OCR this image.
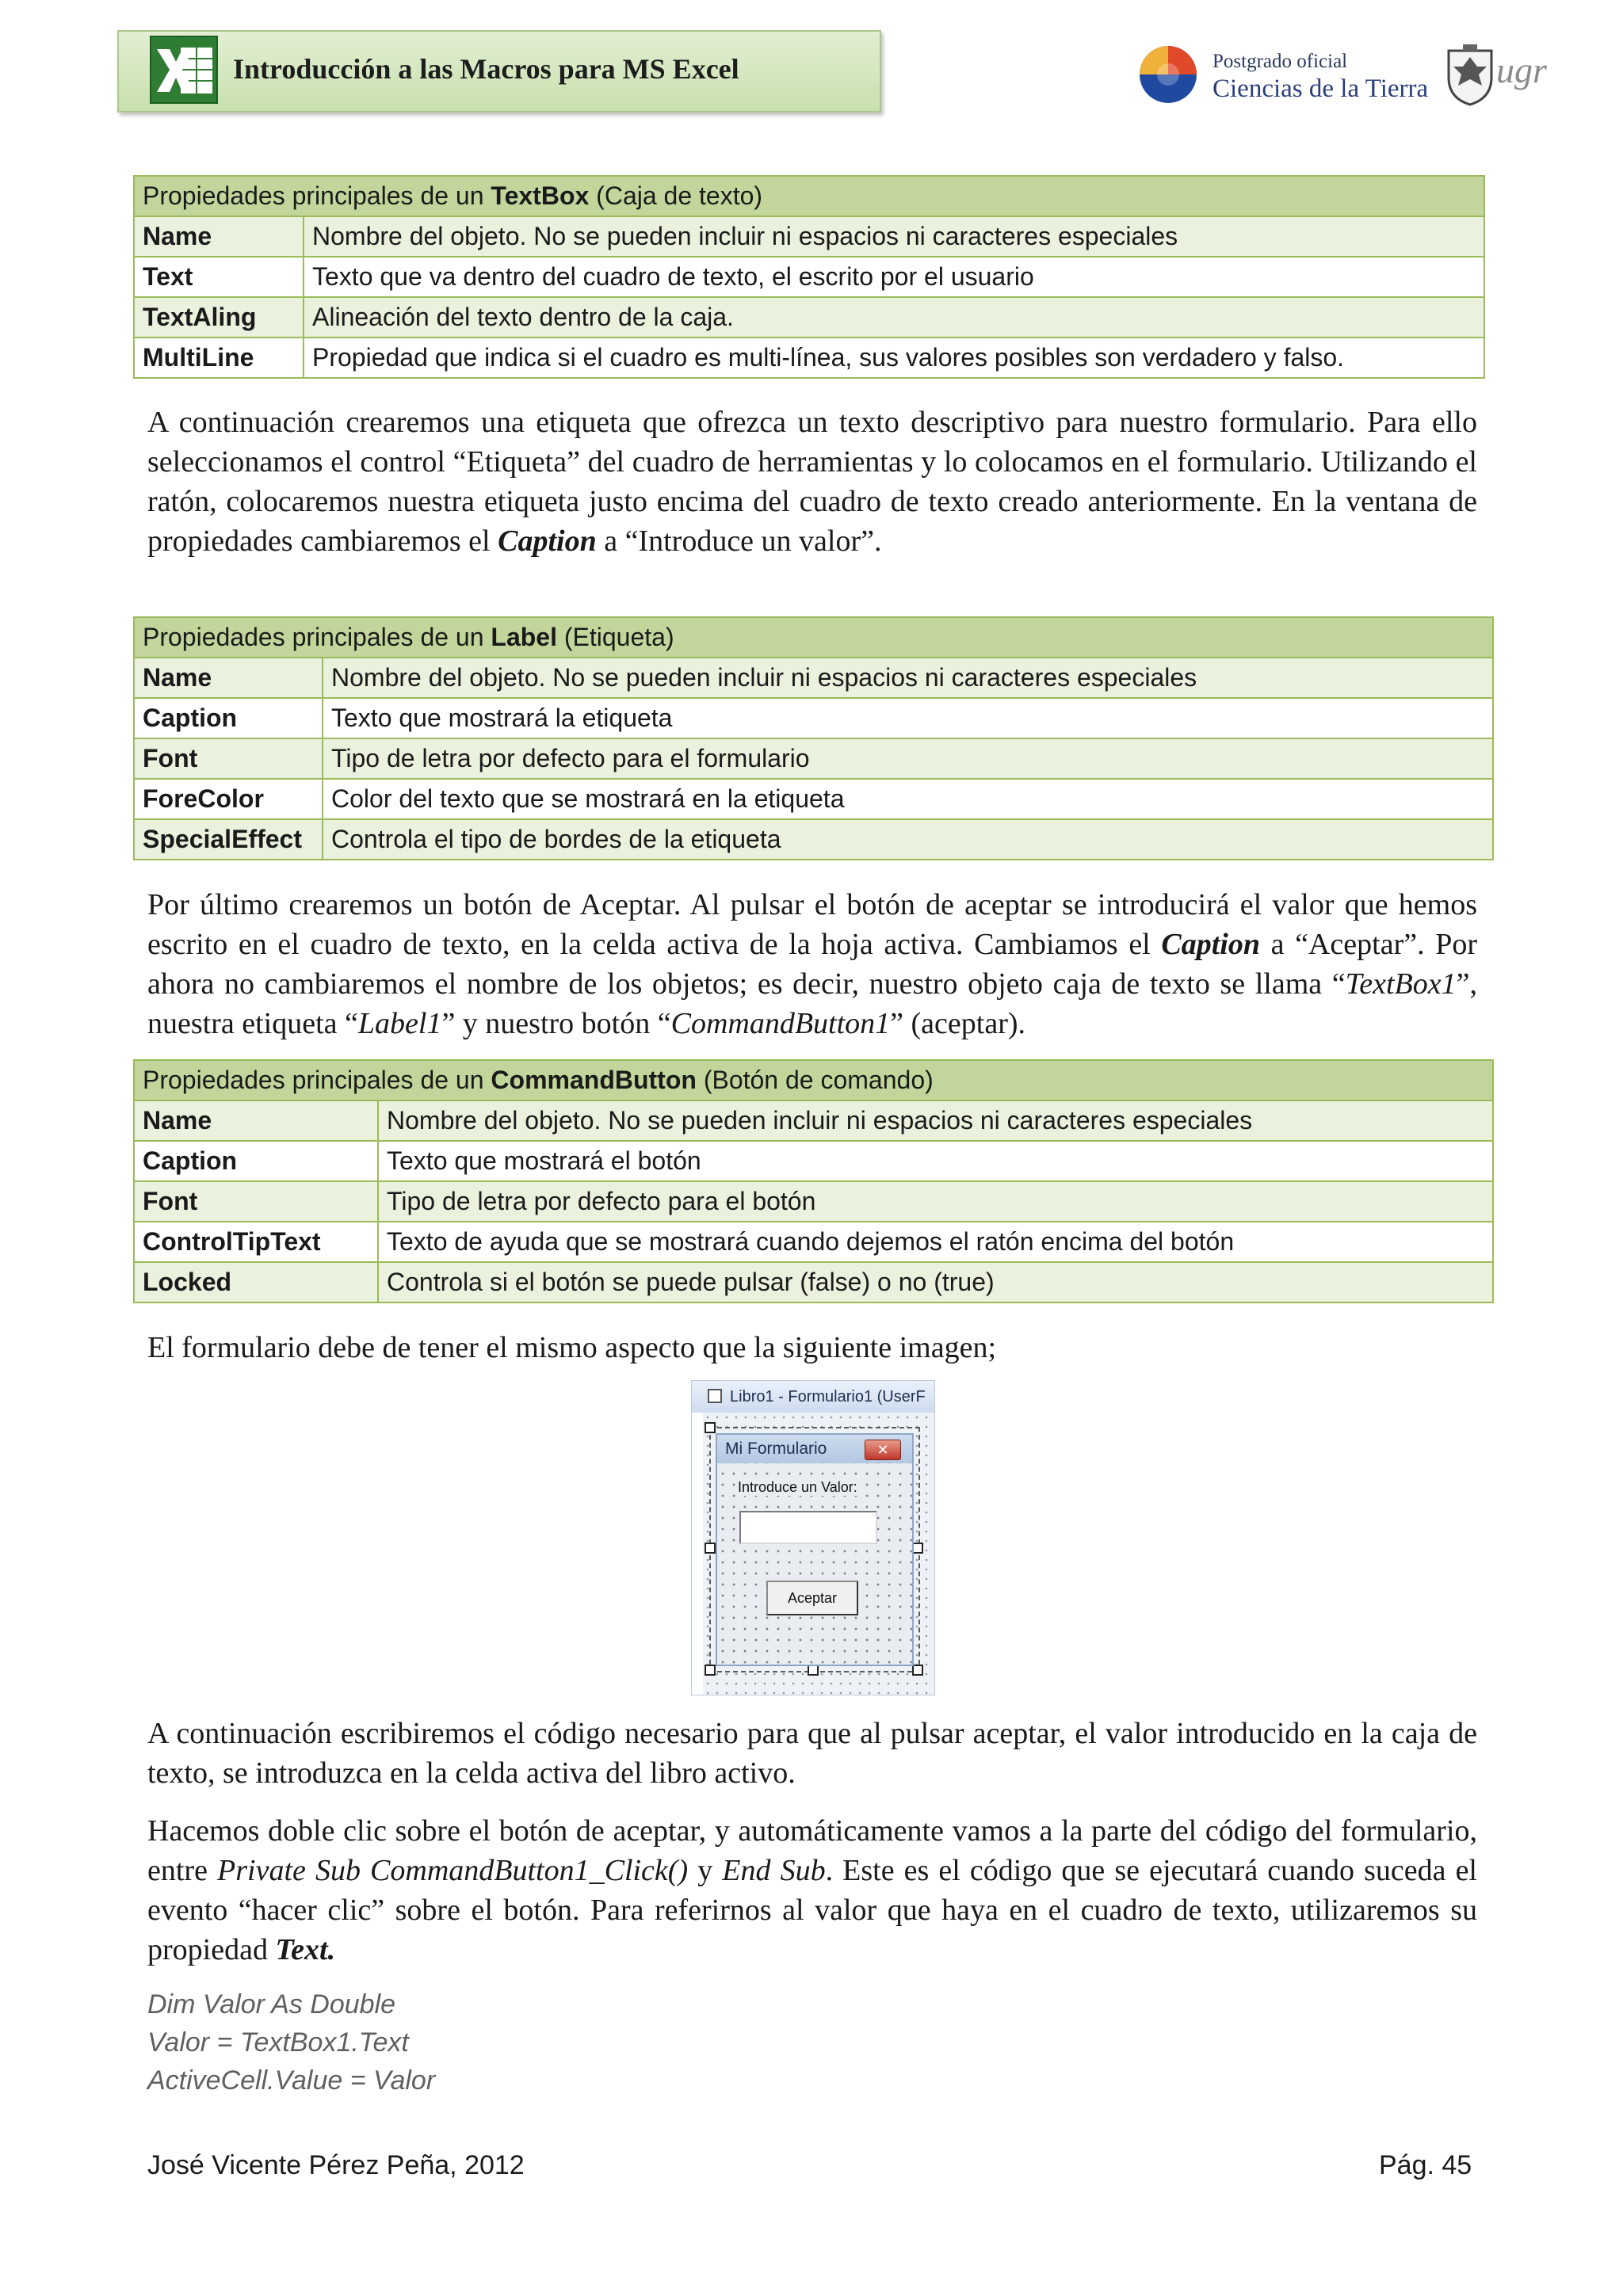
Introducción a las Macros para MS Excel	Postgrado oficial
Ciencias de la Tierra ugr
Propiedades principales de un TextBox (Caja de texto)	
Name	Nombre del objeto. No se pueden incluir ni espacios ni caracteres especiales
Text	Texto que va dentro del cuadro de texto, el escrito por el usuario
TextAling	Alineación del texto dentro de la caja.
MultiLine	Propiedad que indica si el cuadro es multi-línea, sus valores posibles son verdadero y falso.

A continuación crearemos una etiqueta que ofrezca un texto descriptivo para nuestro formulario. Para ello seleccionamos el control “Etiqueta” del cuadro de herramientas y lo colocamos en el formulario. Utilizando el ratón, colocaremos nuestra etiqueta justo encima del cuadro de texto creado anteriormente. En la ventana de propiedades cambiaremos el Caption a “Introduce un valor”.

Propiedades principales de un Label (Etiqueta)	
Name	Nombre del objeto. No se pueden incluir ni espacios ni caracteres especiales
Caption	Texto que mostrará la etiqueta
Font	Tipo de letra por defecto para el formulario
ForeColor	Color del texto que se mostrará en la etiqueta
SpecialEffect	Controla el tipo de bordes de la etiqueta

Por último crearemos un botón de Aceptar. Al pulsar el botón de aceptar se introducirá el valor que hemos escrito en el cuadro de texto, en la celda activa de la hoja activa. Cambiamos el Caption a “Aceptar”. Por ahora no cambiaremos el nombre de los objetos; es decir, nuestro objeto caja de texto se llama “TextBox1”, nuestra etiqueta “Label1” y nuestro botón “CommandButton1” (aceptar).

Propiedades principales de un CommandButton (Botón de comando)	
Name	Nombre del objeto. No se pueden incluir ni espacios ni caracteres especiales
Caption	Texto que mostrará el botón
Font	Tipo de letra por defecto para el botón
ControlTipText	Texto de ayuda que se mostrará cuando dejemos el ratón encima del botón
Locked	Controla si el botón se puede pulsar (false) o no (true)

El formulario debe de tener el mismo aspecto que la siguiente imagen;

Libro1 - Formulario1 (UserF
Mi Formulario	✕
Introduce un Valor:
Aceptar

A continuación escribiremos el código necesario para que al pulsar aceptar, el valor introducido en la caja de texto, se introduzca en la celda activa del libro activo.

Hacemos doble clic sobre el botón de aceptar, y automáticamente vamos a la parte del código del formulario, entre Private Sub CommandButton1_Click() y End Sub. Este es el código que se ejecutará cuando suceda el evento “hacer clic” sobre el botón. Para referirnos al valor que haya en el cuadro de texto, utilizaremos su propiedad Text.

Dim Valor As Double
Valor = TextBox1.Text
ActiveCell.Value = Valor
José Vicente Pérez Peña, 2012	Pág. 45
